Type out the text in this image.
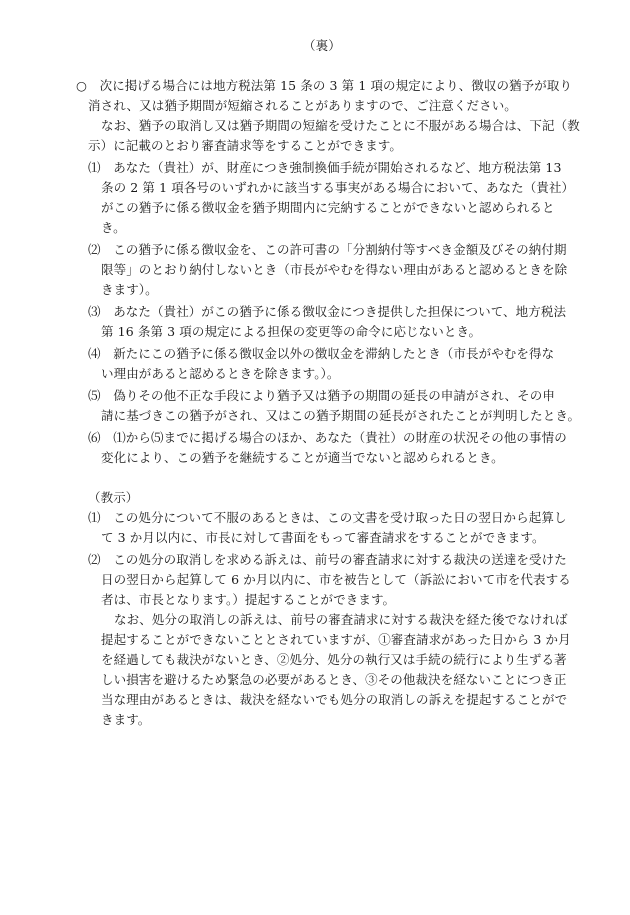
（裏）
○　次に掲げる場合には地方税法第 15 条の 3 第 1 項の規定により、徴収の猶予が取り
消され、又は猶予期間が短縮されることがありますので、ご注意ください。
なお、猶予の取消し又は猶予期間の短縮を受けたことに不服がある場合は、下記（教
示）に記載のとおり審査請求等をすることができます。
⑴　あなた（貴社）が、財産につき強制換価手続が開始されるなど、地方税法第 13
条の 2 第 1 項各号のいずれかに該当する事実がある場合において、あなた（貴社）
がこの猶予に係る徴収金を猶予期間内に完納することができないと認められると
き。
⑵　この猶予に係る徴収金を、この許可書の「分割納付等すべき金額及びその納付期
限等」のとおり納付しないとき（市長がやむを得ない理由があると認めるときを除
きます）。
⑶　あなた（貴社）がこの猶予に係る徴収金につき提供した担保について、地方税法
第 16 条第 3 項の規定による担保の変更等の命令に応じないとき。
⑷　新たにこの猶予に係る徴収金以外の徴収金を滞納したとき（市長がやむを得な
い理由があると認めるときを除きます。）。
⑸　偽りその他不正な手段により猶予又は猶予の期間の延長の申請がされ、その申
請に基づきこの猶予がされ、又はこの猶予期間の延長がされたことが判明したとき。
⑹　⑴から⑸までに掲げる場合のほか、あなた（貴社）の財産の状況その他の事情の
変化により、この猶予を継続することが適当でないと認められるとき。
（教示）
⑴　この処分について不服のあるときは、この文書を受け取った日の翌日から起算し
て 3 か月以内に、市長に対して書面をもって審査請求をすることができます。
⑵　この処分の取消しを求める訴えは、前号の審査請求に対する裁決の送達を受けた
日の翌日から起算して 6 か月以内に、市を被告として（訴訟において市を代表する
者は、市長となります。）提起することができます。
なお、処分の取消しの訴えは、前号の審査請求に対する裁決を経た後でなければ
提起することができないこととされていますが、①審査請求があった日から 3 か月
を経過しても裁決がないとき、②処分、処分の執行又は手続の続行により生ずる著
しい損害を避けるため緊急の必要があるとき、③その他裁決を経ないことにつき正
当な理由があるときは、裁決を経ないでも処分の取消しの訴えを提起することがで
きます。
